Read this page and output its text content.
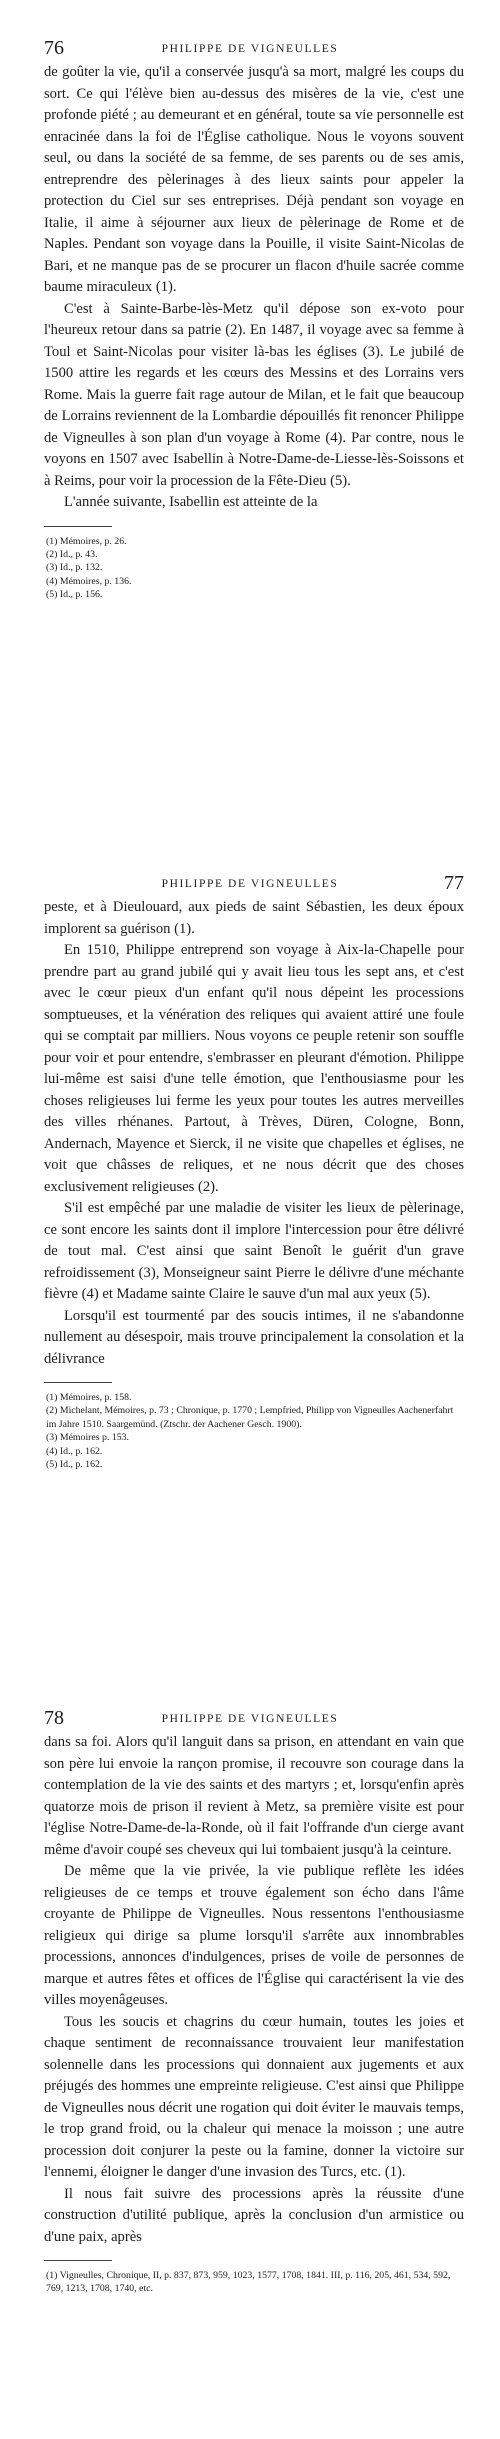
76	PHILIPPE DE VIGNEULLES

de goûter la vie, qu'il a conservée jusqu'à sa mort, malgré les coups du sort. Ce qui l'élève bien au-dessus des misères de la vie, c'est une profonde piété ; au demeurant et en général, toute sa vie personnelle est enracinée dans la foi de l'Église catholique. Nous le voyons souvent seul, ou dans la société de sa femme, de ses parents ou de ses amis, entreprendre des pèlerinages à des lieux saints pour appeler la protection du Ciel sur ses entreprises. Déjà pendant son voyage en Italie, il aime à séjourner aux lieux de pèlerinage de Rome et de Naples. Pendant son voyage dans la Pouille, il visite Saint-Nicolas de Bari, et ne manque pas de se procurer un flacon d'huile sacrée comme baume miraculeux (1).

C'est à Sainte-Barbe-lès-Metz qu'il dépose son ex-voto pour l'heureux retour dans sa patrie (2). En 1487, il voyage avec sa femme à Toul et Saint-Nicolas pour visiter là-bas les églises (3). Le jubilé de 1500 attire les regards et les cœurs des Messins et des Lorrains vers Rome. Mais la guerre fait rage autour de Milan, et le fait que beaucoup de Lorrains reviennent de la Lombardie dépouillés fit renoncer Philippe de Vigneulles à son plan d'un voyage à Rome (4). Par contre, nous le voyons en 1507 avec Isabellin à Notre-Dame-de-Liesse-lès-Soissons et à Reims, pour voir la procession de la Fête-Dieu (5).

L'année suivante, Isabellin est atteinte de la

(1) Mémoires, p. 26.
(2) Id., p. 43.
(3) Id., p. 132.
(4) Mémoires, p. 136.
(5) Id., p. 156.
PHILIPPE DE VIGNEULLES	77

peste, et à Dieulouard, aux pieds de saint Sébastien, les deux époux implorent sa guérison (1).

En 1510, Philippe entreprend son voyage à Aix-la-Chapelle pour prendre part au grand jubilé qui y avait lieu tous les sept ans, et c'est avec le cœur pieux d'un enfant qu'il nous dépeint les processions somptueuses, et la vénération des reliques qui avaient attiré une foule qui se comptait par milliers. Nous voyons ce peuple retenir son souffle pour voir et pour entendre, s'embrasser en pleurant d'émotion. Philippe lui-même est saisi d'une telle émotion, que l'enthousiasme pour les choses religieuses lui ferme les yeux pour toutes les autres merveilles des villes rhénanes. Partout, à Trèves, Düren, Cologne, Bonn, Andernach, Mayence et Sierck, il ne visite que chapelles et églises, ne voit que châsses de reliques, et ne nous décrit que des choses exclusivement religieuses (2).

S'il est empêché par une maladie de visiter les lieux de pèlerinage, ce sont encore les saints dont il implore l'intercession pour être délivré de tout mal. C'est ainsi que saint Benoît le guérit d'un grave refroidissement (3), Monseigneur saint Pierre le délivre d'une méchante fièvre (4) et Madame sainte Claire le sauve d'un mal aux yeux (5).

Lorsqu'il est tourmenté par des soucis intimes, il ne s'abandonne nullement au désespoir, mais trouve principalement la consolation et la délivrance

(1) Mémoires, p. 158.
(2) Michelant, Mémoires, p. 73 ; Chronique, p. 1770 ; Lempfried, Philipp von Vigneulles Aachenerfahrt im Jahre 1510. Saargemünd. (Ztschr. der Aachener Gesch. 1900).
(3) Mémoires p. 153.
(4) Id., p. 162.
(5) Id., p. 162.
78	PHILIPPE DE VIGNEULLES

dans sa foi. Alors qu'il languit dans sa prison, en attendant en vain que son père lui envoie la rançon promise, il recouvre son courage dans la contemplation de la vie des saints et des martyrs ; et, lorsqu'enfin après quatorze mois de prison il revient à Metz, sa première visite est pour l'église Notre-Dame-de-la-Ronde, où il fait l'offrande d'un cierge avant même d'avoir coupé ses cheveux qui lui tombaient jusqu'à la ceinture.

De même que la vie privée, la vie publique reflète les idées religieuses de ce temps et trouve également son écho dans l'âme croyante de Philippe de Vigneulles. Nous ressentons l'enthousiasme religieux qui dirige sa plume lorsqu'il s'arrête aux innombrables processions, annonces d'indulgences, prises de voile de personnes de marque et autres fêtes et offices de l'Église qui caractérisent la vie des villes moyenâgeuses.

Tous les soucis et chagrins du cœur humain, toutes les joies et chaque sentiment de reconnaissance trouvaient leur manifestation solennelle dans les processions qui donnaient aux jugements et aux préjugés des hommes une empreinte religieuse. C'est ainsi que Philippe de Vigneulles nous décrit une rogation qui doit éviter le mauvais temps, le trop grand froid, ou la chaleur qui menace la moisson ; une autre procession doit conjurer la peste ou la famine, donner la victoire sur l'ennemi, éloigner le danger d'une invasion des Turcs, etc. (1).

Il nous fait suivre des processions après la réussite d'une construction d'utilité publique, après la conclusion d'un armistice ou d'une paix, après

(1) Vigneulles, Chronique, II, p. 837, 873, 959, 1023, 1577, 1708, 1841. III, p. 116, 205, 461, 534, 592, 769, 1213, 1708, 1740, etc.
